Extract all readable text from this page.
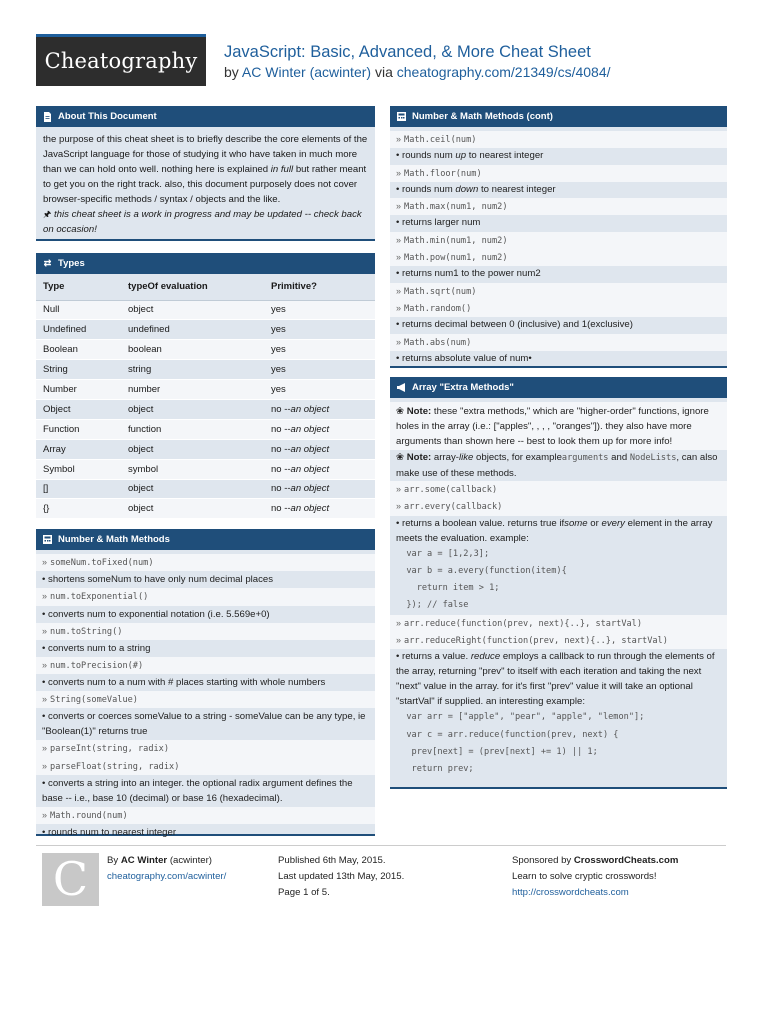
Cheatography	JavaScript: Basic, Advanced, & More Cheat Sheet
by AC Winter (acwinter) via cheatography.com/21349/cs/4084/
About This Document
the purpose of this cheat sheet is to briefly describe the core elements of the JavaScript language for those of studying it who have taken in much more than we can hold onto well. nothing here is explained in full but rather meant to get you on the right track. also, this document purposely does not cover browser-specific methods / syntax / objects and the like.
🖈 this cheat sheet is a work in progress and may be updated -- check back on occasion!
⇄ Types
Type	typeOf evaluation	Primitive?
Null	object	yes
Undefined	undefined	yes
Boolean	boolean	yes
String	string	yes
Number	number	yes
Object	object	no --an object
Function	function	no --an object
Array	object	no --an object
Symbol	symbol	no --an object
[]	object	no --an object
{}	object	no --an object
Number & Math Methods
» someNum.toFixed(num)
• shortens someNum to have only num decimal places
» num.toExponential()
• converts num to exponential notation (i.e. 5.569e+0)
» num.toString()
• converts num to a string
» num.toPrecision(#)
• converts num to a num with # places starting with whole numbers
» String(someValue)
• converts or coerces someValue to a string - someValue can be any type, ie "Boolean(1)" returns true
» parseInt(string, radix)
» parseFloat(string, radix)
• converts a string into an integer. the optional radix argument defines the base -- i.e., base 10 (decimal) or base 16 (hexadecimal).
» Math.round(num)
• rounds num to nearest integer
Number & Math Methods (cont)
» Math.ceil(num)
• rounds num up to nearest integer
» Math.floor(num)
• rounds num down to nearest integer
» Math.max(num1, num2)
• returns larger num
» Math.min(num1, num2)
» Math.pow(num1, num2)
• returns num1 to the power num2
» Math.sqrt(num)
» Math.random()
• returns decimal between 0 (inclusive) and 1(exclusive)
» Math.abs(num)
• returns absolute value of num•
Array "Extra Methods"
❀ Note: these "extra methods," which are "higher-order" functions, ignore holes in the array (i.e.: ["apples", , , , "oranges"]). they also have more arguments than shown here -- best to look them up for more info!
❀ Note: array-like objects, for examplearguments and NodeLists, can also make use of these methods.
» arr.some(callback)
» arr.every(callback)
• returns a boolean value. returns true ifsome or every element in the array meets the evaluation. example:
var a = [1,2,3];
var b = a.every(function(item){
return item > 1;
}); // false
» arr.reduce(function(prev, next){..}, startVal)
» arr.reduceRight(function(prev, next){..}, startVal)
• returns a value. reduce employs a callback to run through the elements of the array, returning "prev" to itself with each iteration and taking the next "next" value in the array. for it's first "prev" value it will take an optional "startVal" if supplied. an interesting example:
var arr = ["apple", "pear", "apple", "lemon"];
var c = arr.reduce(function(prev, next) {
prev[next] = (prev[next] += 1) || 1;
return prev;
C	By AC Winter (acwinter)
cheatography.com/acwinter/
Published 6th May, 2015.
Last updated 13th May, 2015.
Page 1 of 5.
Sponsored by CrosswordCheats.com
Learn to solve cryptic crosswords!
http://crosswordcheats.com
